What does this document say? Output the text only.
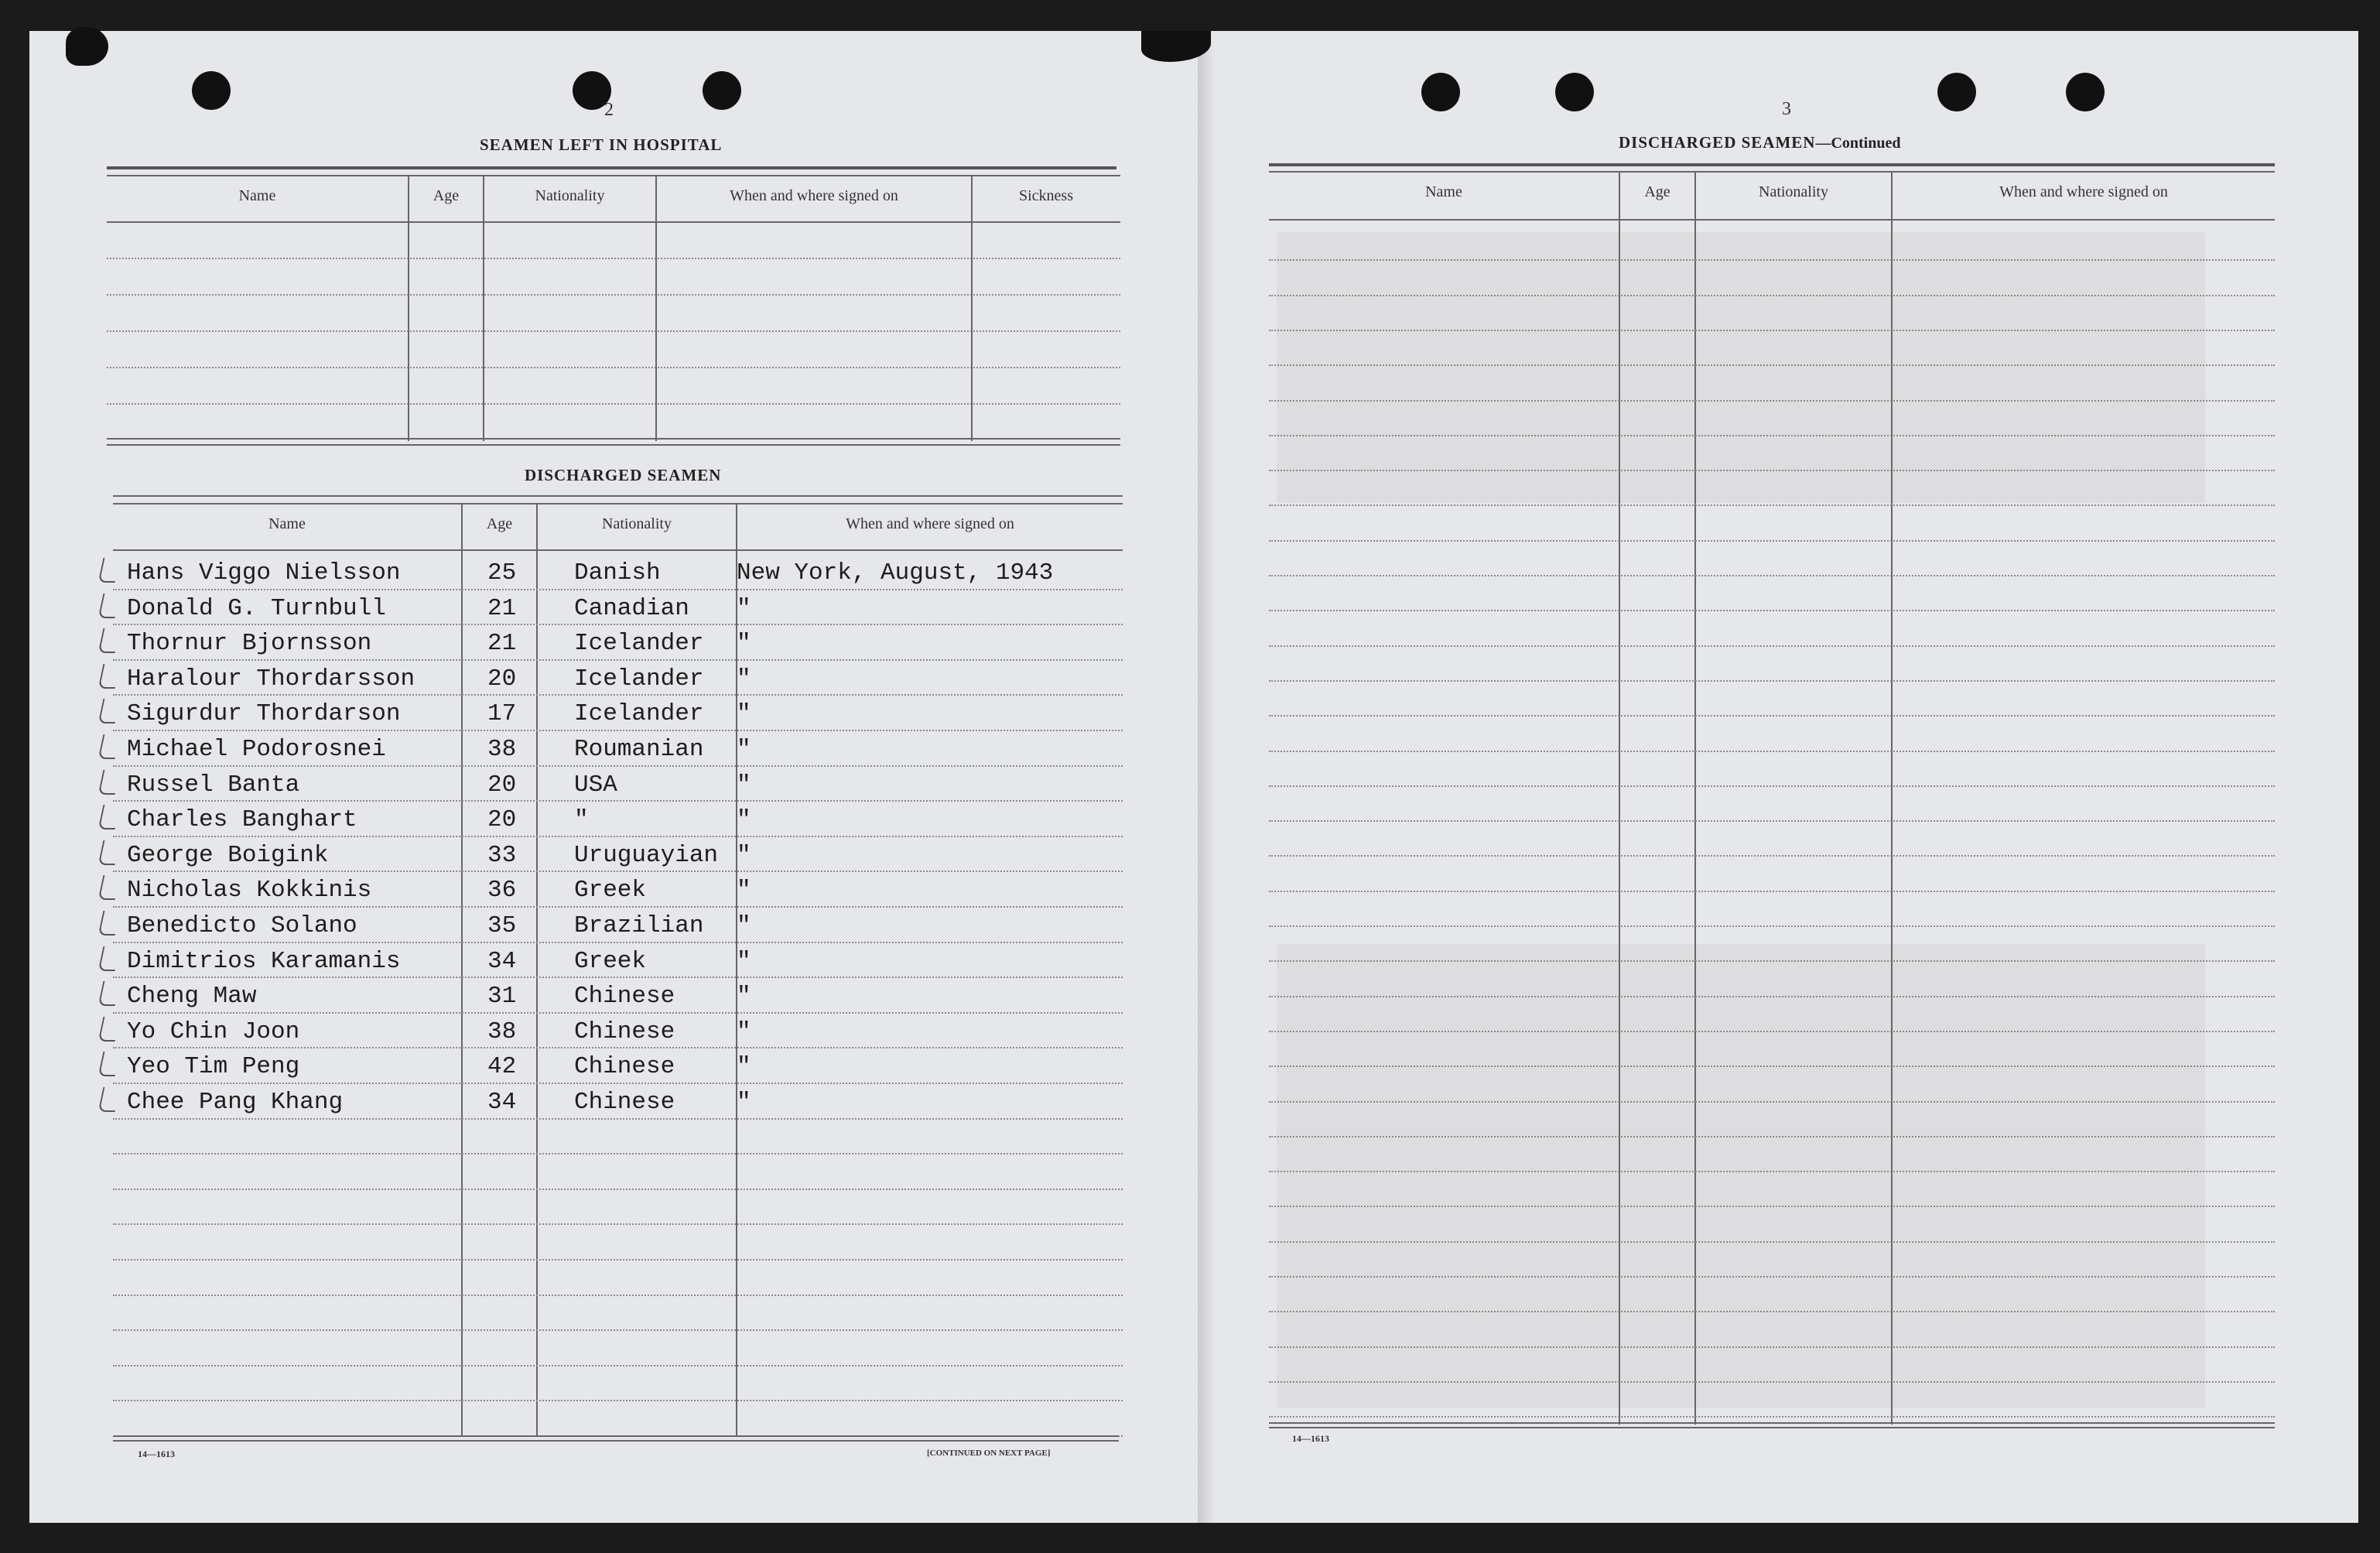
2
SEAMEN LEFT IN HOSPITAL
Name	Age	Nationality	When and where signed on	Sickness
DISCHARGED SEAMEN
Name	Age	Nationality	When and where signed on
Hans Viggo Nielsson	25 Danish	New York, August, 1943
Donald G. Turnbull	21 Canadian "
Thornur Bjornsson	21 Icelander "
Haralour Thordarsson	20 Icelander "
Sigurdur Thordarson	17 Icelander "
Michael Podorosnei	38 Roumanian "
Russel Banta	20 USA	"
Charles Banghart	20 "	"
George Boigink	33 Uruguayian "
Nicholas Kokkinis	36 Greek	"
Benedicto Solano	35 Brazilian "
Dimitrios Karamanis	34 Greek	"
Cheng Maw	31 Chinese	"
Yo Chin Joon	38 Chinese	"
Yeo Tim Peng	42 Chinese	"
Chee Pang Khang	34 Chinese	"
14—1613	[CONTINUED ON NEXT PAGE]
3
DISCHARGED SEAMEN—Continued
Name	Age	Nationality	When and where signed on
14—1613
